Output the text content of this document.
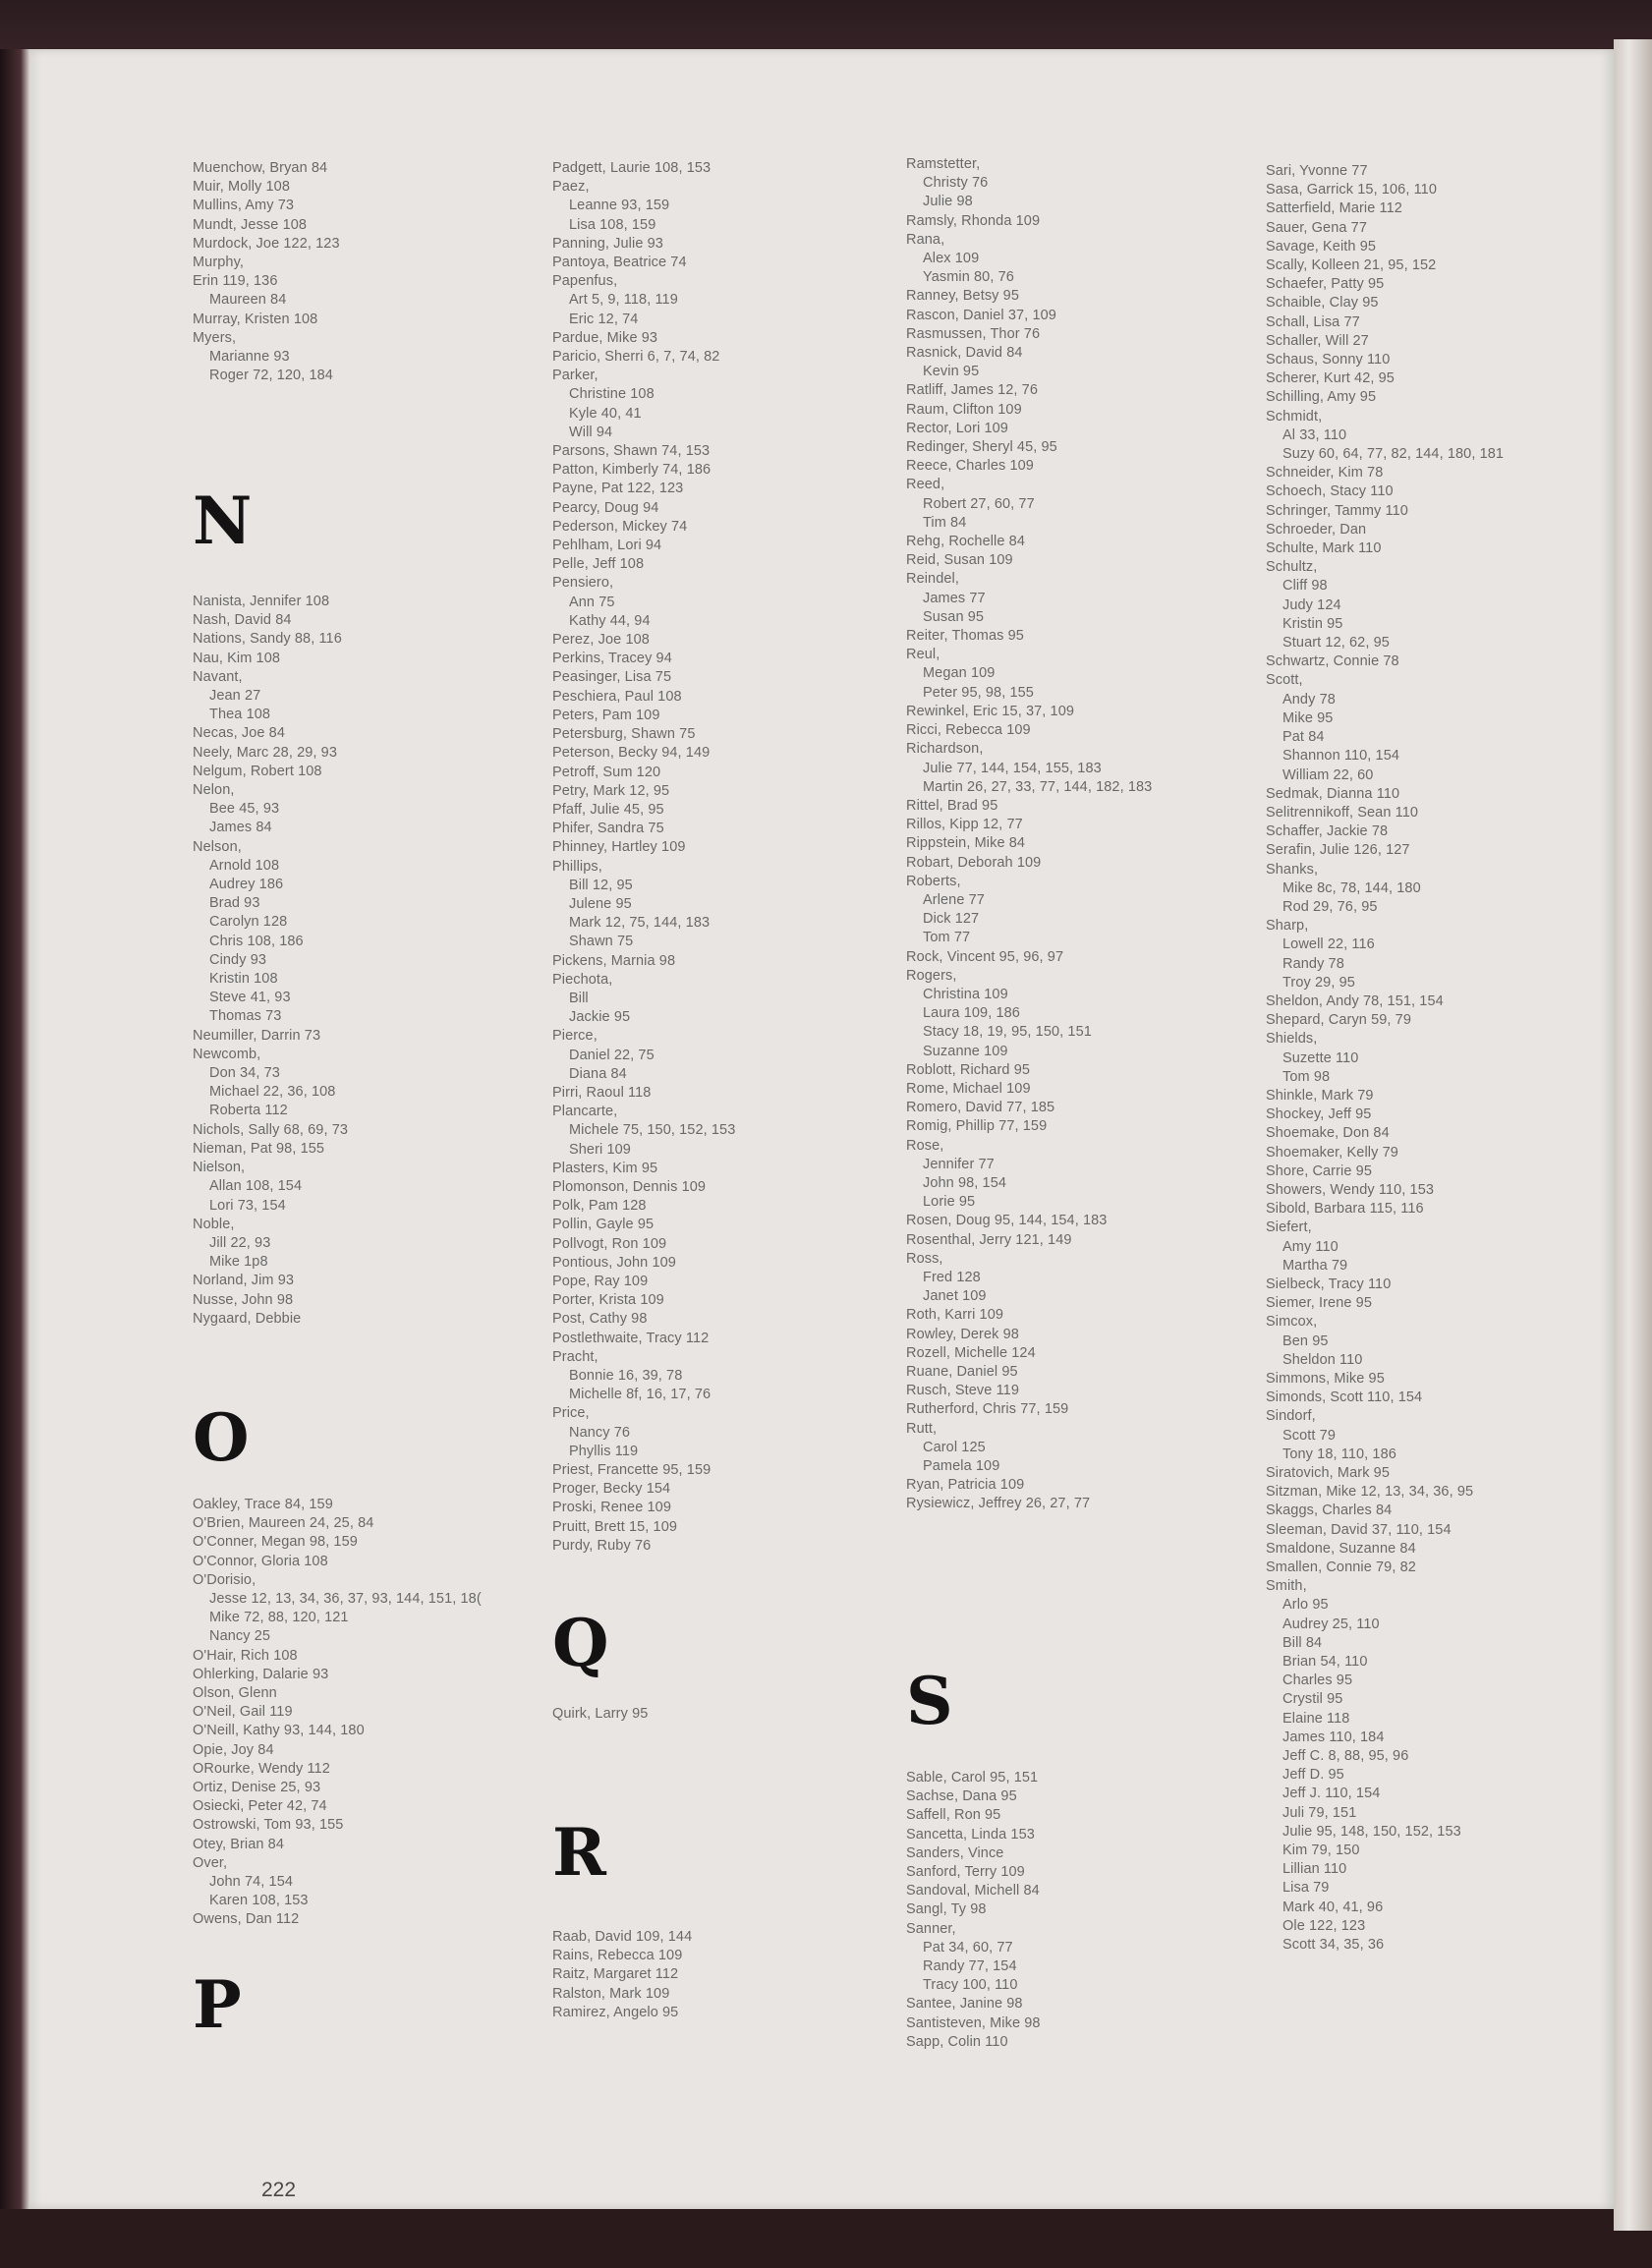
Muenchow, Bryan 84
Muir, Molly 108
Mullins, Amy 73
Mundt, Jesse 108
Murdock, Joe 122, 123
Murphy,
Erin 119, 136
Maureen 84
Murray, Kristen 108
Myers,
Marianne 93
Roger 72, 120, 184
N
Nanista, Jennifer 108
Nash, David 84
Nations, Sandy 88, 116
Nau, Kim 108
Navant,
Jean 27
Thea 108
Necas, Joe 84
Neely, Marc 28, 29, 93
Nelgum, Robert 108
Nelon,
Bee 45, 93
James 84
Nelson,
Arnold 108
Audrey 186
Brad 93
Carolyn 128
Chris 108, 186
Cindy 93
Kristin 108
Steve 41, 93
Thomas 73
Neumiller, Darrin 73
Newcomb,
Don 34, 73
Michael 22, 36, 108
Roberta 112
Nichols, Sally 68, 69, 73
Nieman, Pat 98, 155
Nielson,
Allan 108, 154
Lori 73, 154
Noble,
Jill 22, 93
Mike 1p8
Norland, Jim 93
Nusse, John 98
Nygaard, Debbie
O
Oakley, Trace 84, 159
O'Brien, Maureen 24, 25, 84
O'Conner, Megan 98, 159
O'Connor, Gloria 108
O'Dorisio,
Jesse 12, 13, 34, 36, 37, 93, 144, 151, 18(
Mike 72, 88, 120, 121
Nancy 25
O'Hair, Rich 108
Ohlerking, Dalarie 93
Olson, Glenn
O'Neil, Gail 119
O'Neill, Kathy 93, 144, 180
Opie, Joy 84
ORourke, Wendy 112
Ortiz, Denise 25, 93
Osiecki, Peter 42, 74
Ostrowski, Tom 93, 155
Otey, Brian 84
Over,
John 74, 154
Karen 108, 153
Owens, Dan 112
P
Padgett, Laurie 108, 153
Paez,
Leanne 93, 159
Lisa 108, 159
Panning, Julie 93
Pantoya, Beatrice 74
Papenfus,
Art 5, 9, 118, 119
Eric 12, 74
Pardue, Mike 93
Paricio, Sherri 6, 7, 74, 82
Parker,
Christine 108
Kyle 40, 41
Will 94
Parsons, Shawn 74, 153
Patton, Kimberly 74, 186
Payne, Pat 122, 123
Pearcy, Doug 94
Pederson, Mickey 74
Pehlham, Lori 94
Pelle, Jeff 108
Pensiero,
Ann 75
Kathy 44, 94
Perez, Joe 108
Perkins, Tracey 94
Peasinger, Lisa 75
Peschiera, Paul 108
Peters, Pam 109
Petersburg, Shawn 75
Peterson, Becky 94, 149
Petroff, Sum 120
Petry, Mark 12, 95
Pfaff, Julie 45, 95
Phifer, Sandra 75
Phinney, Hartley 109
Phillips,
Bill 12, 95
Julene 95
Mark 12, 75, 144, 183
Shawn 75
Pickens, Marnia 98
Piechota,
Bill
Jackie 95
Pierce,
Daniel 22, 75
Diana 84
Pirri, Raoul 118
Plancarte,
Michele 75, 150, 152, 153
Sheri 109
Plasters, Kim 95
Plomonson, Dennis 109
Polk, Pam 128
Pollin, Gayle 95
Pollvogt, Ron 109
Pontious, John 109
Pope, Ray 109
Porter, Krista 109
Post, Cathy 98
Postlethwaite, Tracy 112
Pracht,
Bonnie 16, 39, 78
Michelle 8f, 16, 17, 76
Price,
Nancy 76
Phyllis 119
Priest, Francette 95, 159
Proger, Becky 154
Proski, Renee 109
Pruitt, Brett 15, 109
Purdy, Ruby 76
Q
Quirk, Larry 95
R
Raab, David 109, 144
Rains, Rebecca 109
Raitz, Margaret 112
Ralston, Mark 109
Ramirez, Angelo 95
Ramstetter,
Christy 76
Julie 98
Ramsly, Rhonda 109
Rana,
Alex 109
Yasmin 80, 76
Ranney, Betsy 95
Rascon, Daniel 37, 109
Rasmussen, Thor 76
Rasnick, David 84
Kevin 95
Ratliff, James 12, 76
Raum, Clifton 109
Rector, Lori 109
Redinger, Sheryl 45, 95
Reece, Charles 109
Reed,
Robert 27, 60, 77
Tim 84
Rehg, Rochelle 84
Reid, Susan 109
Reindel,
James 77
Susan 95
Reiter, Thomas 95
Reul,
Megan 109
Peter 95, 98, 155
Rewinkel, Eric 15, 37, 109
Ricci, Rebecca 109
Richardson,
Julie 77, 144, 154, 155, 183
Martin 26, 27, 33, 77, 144, 182, 183
Rittel, Brad 95
Rillos, Kipp 12, 77
Rippstein, Mike 84
Robart, Deborah 109
Roberts,
Arlene 77
Dick 127
Tom 77
Rock, Vincent 95, 96, 97
Rogers,
Christina 109
Laura 109, 186
Stacy 18, 19, 95, 150, 151
Suzanne 109
Roblott, Richard 95
Rome, Michael 109
Romero, David 77, 185
Romig, Phillip 77, 159
Rose,
Jennifer 77
John 98, 154
Lorie 95
Rosen, Doug 95, 144, 154, 183
Rosenthal, Jerry 121, 149
Ross,
Fred 128
Janet 109
Roth, Karri 109
Rowley, Derek 98
Rozell, Michelle 124
Ruane, Daniel 95
Rusch, Steve 119
Rutherford, Chris 77, 159
Rutt,
Carol 125
Pamela 109
Ryan, Patricia 109
Rysiewicz, Jeffrey 26, 27, 77
S
Sable, Carol 95, 151
Sachse, Dana 95
Saffell, Ron 95
Sancetta, Linda 153
Sanders, Vince
Sanford, Terry 109
Sandoval, Michell 84
Sangl, Ty 98
Sanner,
Pat 34, 60, 77
Randy 77, 154
Tracy 100, 110
Santee, Janine 98
Santisteven, Mike 98
Sapp, Colin 110
Sari, Yvonne 77
Sasa, Garrick 15, 106, 110
Satterfield, Marie 112
Sauer, Gena 77
Savage, Keith 95
Scally, Kolleen 21, 95, 152
Schaefer, Patty 95
Schaible, Clay 95
Schall, Lisa 77
Schaller, Will 27
Schaus, Sonny 110
Scherer, Kurt 42, 95
Schilling, Amy 95
Schmidt,
Al 33, 110
Suzy 60, 64, 77, 82, 144, 180, 181
Schneider, Kim 78
Schoech, Stacy 110
Schringer, Tammy 110
Schroeder, Dan
Schulte, Mark 110
Schultz,
Cliff 98
Judy 124
Kristin 95
Stuart 12, 62, 95
Schwartz, Connie 78
Scott,
Andy 78
Mike 95
Pat 84
Shannon 110, 154
William 22, 60
Sedmak, Dianna 110
Selitrennikoff, Sean 110
Schaffer, Jackie 78
Serafin, Julie 126, 127
Shanks,
Mike 8c, 78, 144, 180
Rod 29, 76, 95
Sharp,
Lowell 22, 116
Randy 78
Troy 29, 95
Sheldon, Andy 78, 151, 154
Shepard, Caryn 59, 79
Shields,
Suzette 110
Tom 98
Shinkle, Mark 79
Shockey, Jeff 95
Shoemake, Don 84
Shoemaker, Kelly 79
Shore, Carrie 95
Showers, Wendy 110, 153
Sibold, Barbara 115, 116
Siefert,
Amy 110
Martha 79
Sielbeck, Tracy 110
Siemer, Irene 95
Simcox,
Ben 95
Sheldon 110
Simmons, Mike 95
Simonds, Scott 110, 154
Sindorf,
Scott 79
Tony 18, 110, 186
Siratovich, Mark 95
Sitzman, Mike 12, 13, 34, 36, 95
Skaggs, Charles 84
Sleeman, David 37, 110, 154
Smaldone, Suzanne 84
Smallen, Connie 79, 82
Smith,
Arlo 95
Audrey 25, 110
Bill 84
Brian 54, 110
Charles 95
Crystil 95
Elaine 118
James 110, 184
Jeff C. 8, 88, 95, 96
Jeff D. 95
Jeff J. 110, 154
Juli 79, 151
Julie 95, 148, 150, 152, 153
Kim 79, 150
Lillian 110
Lisa 79
Mark 40, 41, 96
Ole 122, 123
Scott 34, 35, 36
222
